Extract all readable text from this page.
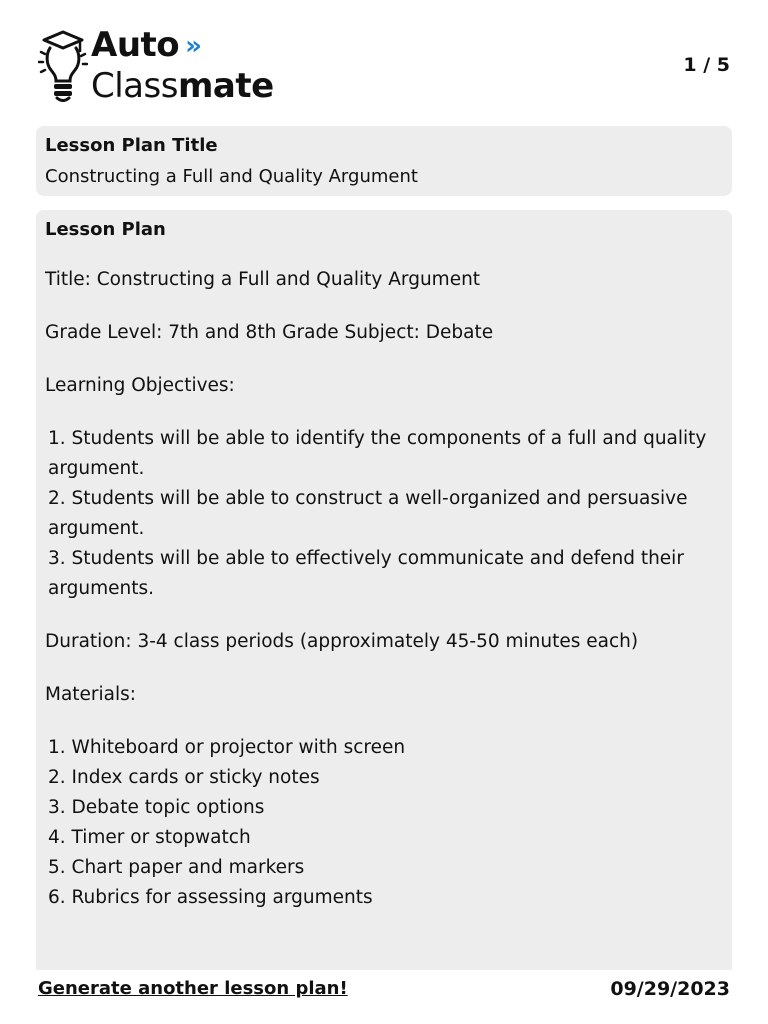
Auto »
Classmate
1 / 5
Lesson Plan Title
Constructing a Full and Quality Argument
Lesson Plan

Title: Constructing a Full and Quality Argument

Grade Level: 7th and 8th Grade Subject: Debate

Learning Objectives:

1. Students will be able to identify the components of a full and quality argument.
2. Students will be able to construct a well-organized and persuasive argument.
3. Students will be able to effectively communicate and defend their arguments.

Duration: 3-4 class periods (approximately 45-50 minutes each)

Materials:

1. Whiteboard or projector with screen
2. Index cards or sticky notes
3. Debate topic options
4. Timer or stopwatch
5. Chart paper and markers
6. Rubrics for assessing arguments
Generate another lesson plan!	09/29/2023
